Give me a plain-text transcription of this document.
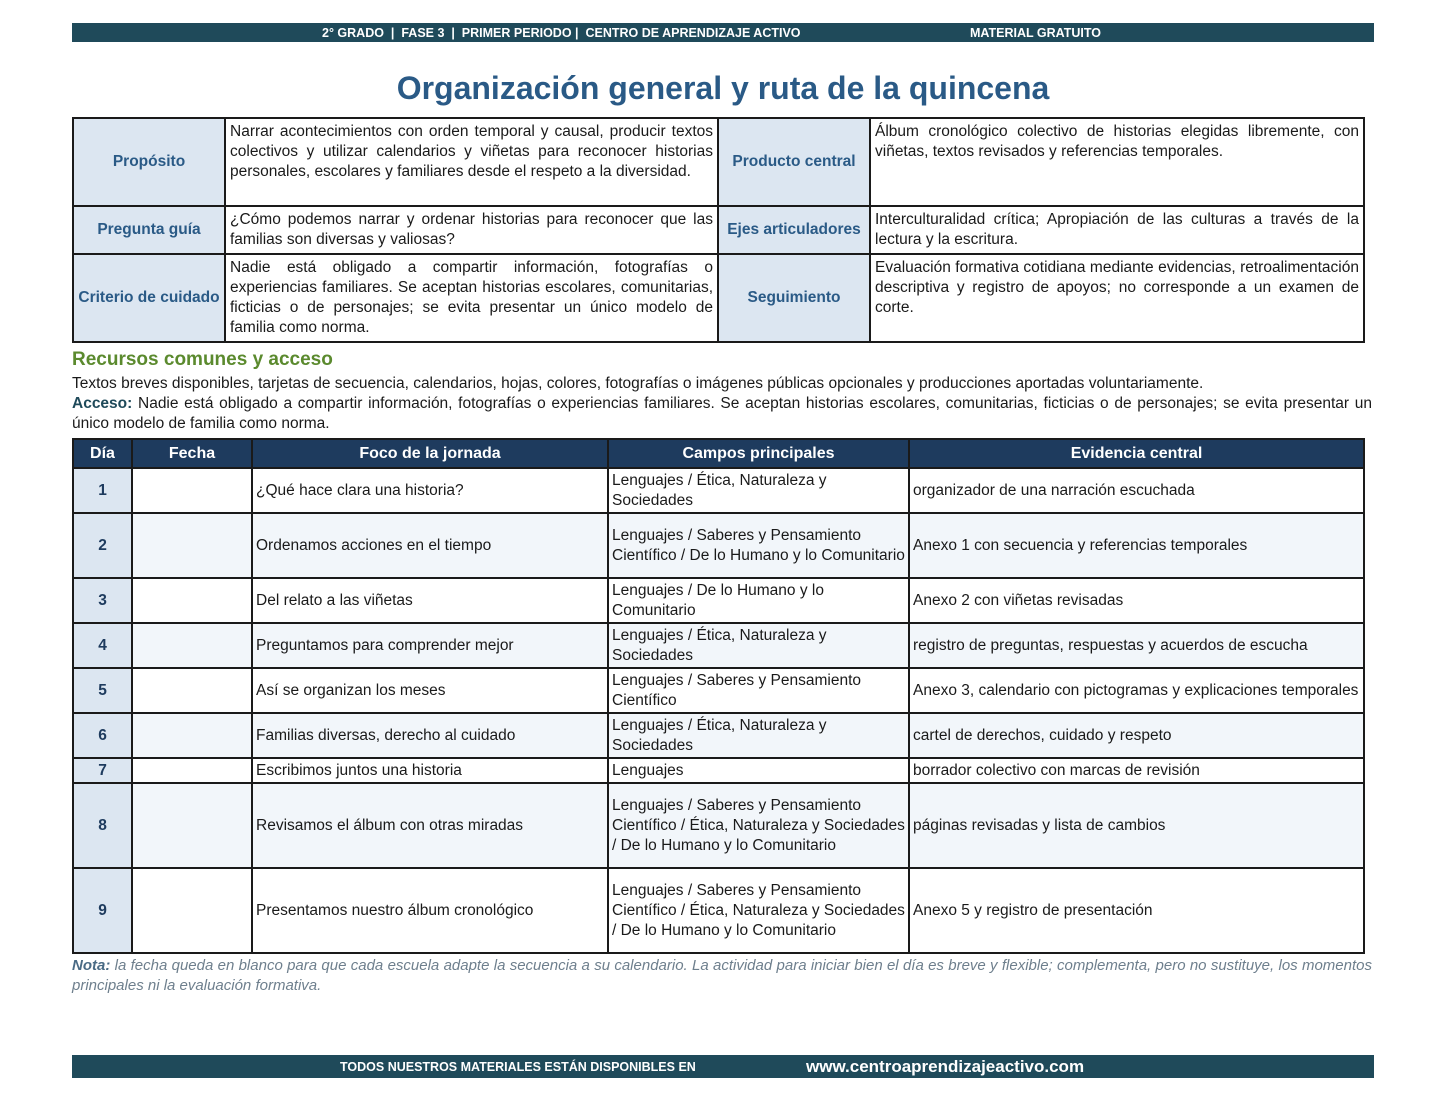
2° GRADO  |  FASE 3  |  PRIMER PERIODO |  CENTRO DE APRENDIZAJE ACTIVO	MATERIAL GRATUITO
Organización general y ruta de la quincena
Propósito	Narrar acontecimientos con orden temporal y causal, producir textos colectivos y utilizar calendarios y viñetas para reconocer historias personales, escolares y familiares desde el respeto a la diversidad.	Producto central	Álbum cronológico colectivo de historias elegidas libremente, con viñetas, textos revisados y referencias temporales.
Pregunta guía	¿Cómo podemos narrar y ordenar historias para reconocer que las familias son diversas y valiosas?	Ejes articuladores	Interculturalidad crítica; Apropiación de las culturas a través de la lectura y la escritura.
Criterio de cuidado	Nadie está obligado a compartir información, fotografías o experiencias familiares. Se aceptan historias escolares, comunitarias, ficticias o de personajes; se evita presentar un único modelo de familia como norma.	Seguimiento	Evaluación formativa cotidiana mediante evidencias, retroalimentación descriptiva y registro de apoyos; no corresponde a un examen de corte.
Recursos comunes y acceso
Textos breves disponibles, tarjetas de secuencia, calendarios, hojas, colores, fotografías o imágenes públicas opcionales y producciones aportadas voluntariamente.
Acceso: Nadie está obligado a compartir información, fotografías o experiencias familiares. Se aceptan historias escolares, comunitarias, ficticias o de personajes; se evita presentar un único modelo de familia como norma.
Día	Fecha	Foco de la jornada	Campos principales	Evidencia central
1		¿Qué hace clara una historia?	Lenguajes / Ética, Naturaleza y Sociedades	organizador de una narración escuchada
2		Ordenamos acciones en el tiempo	Lenguajes / Saberes y Pensamiento Científico / De lo Humano y lo Comunitario	Anexo 1 con secuencia y referencias temporales
3		Del relato a las viñetas	Lenguajes / De lo Humano y lo Comunitario	Anexo 2 con viñetas revisadas
4		Preguntamos para comprender mejor	Lenguajes / Ética, Naturaleza y Sociedades	registro de preguntas, respuestas y acuerdos de escucha
5		Así se organizan los meses	Lenguajes / Saberes y Pensamiento Científico	Anexo 3, calendario con pictogramas y explicaciones temporales
6		Familias diversas, derecho al cuidado	Lenguajes / Ética, Naturaleza y Sociedades	cartel de derechos, cuidado y respeto
7		Escribimos juntos una historia	Lenguajes	borrador colectivo con marcas de revisión
8		Revisamos el álbum con otras miradas	Lenguajes / Saberes y Pensamiento Científico / Ética, Naturaleza y Sociedades / De lo Humano y lo Comunitario	páginas revisadas y lista de cambios
9		Presentamos nuestro álbum cronológico	Lenguajes / Saberes y Pensamiento Científico / Ética, Naturaleza y Sociedades / De lo Humano y lo Comunitario	Anexo 5 y registro de presentación

Nota: la fecha queda en blanco para que cada escuela adapte la secuencia a su calendario. La actividad para iniciar bien el día es breve y flexible; complementa, pero no sustituye, los momentos principales ni la evaluación formativa.

TODOS NUESTROS MATERIALES ESTÁN DISPONIBLES EN	www.centroaprendizajeactivo.com
